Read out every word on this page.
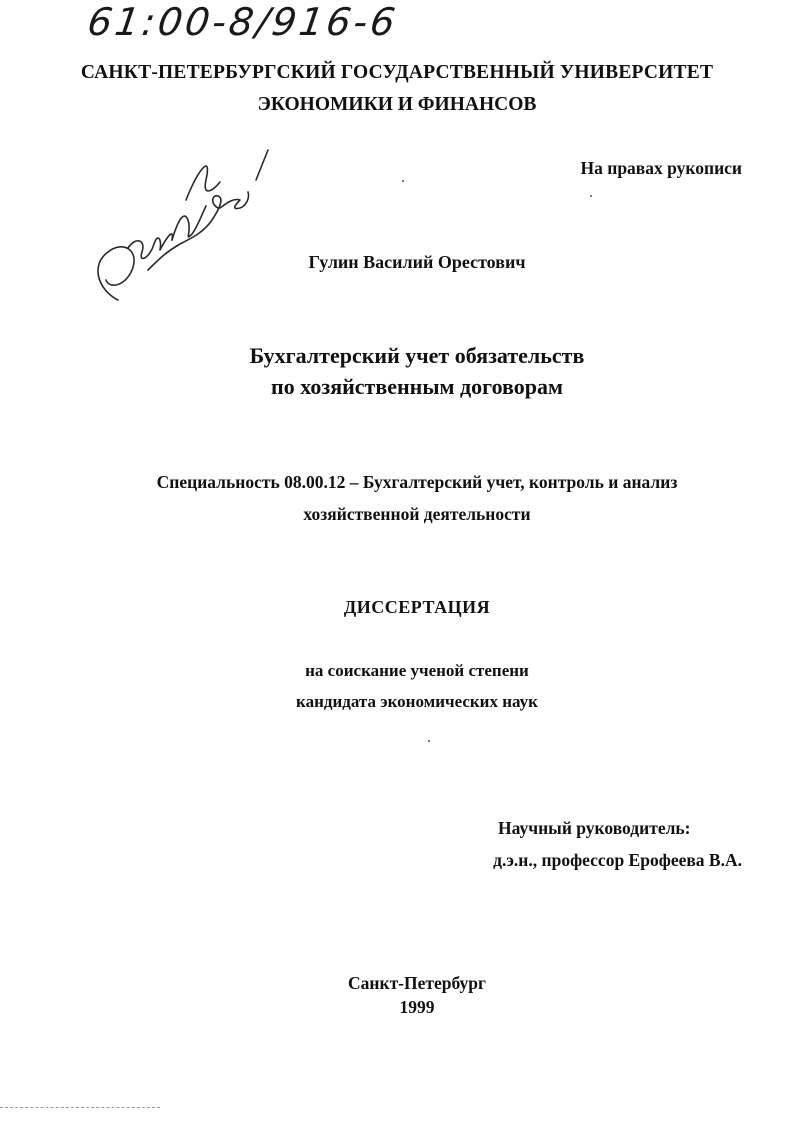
61:00-8/916-6
САНКТ-ПЕТЕРБУРГСКИЙ ГОСУДАРСТВЕННЫЙ УНИВЕРСИТЕТ
ЭКОНОМИКИ И ФИНАНСОВ
На правах рукописи
Гулин Василий Орестович
Бухгалтерский учет обязательств
по хозяйственным договорам
Специальность 08.00.12 – Бухгалтерский учет, контроль и анализ
хозяйственной деятельности
ДИССЕРТАЦИЯ
на соискание ученой степени
кандидата экономических наук
Научный руководитель:
д.э.н., профессор Ерофеева В.А.
Санкт-Петербург
1999
